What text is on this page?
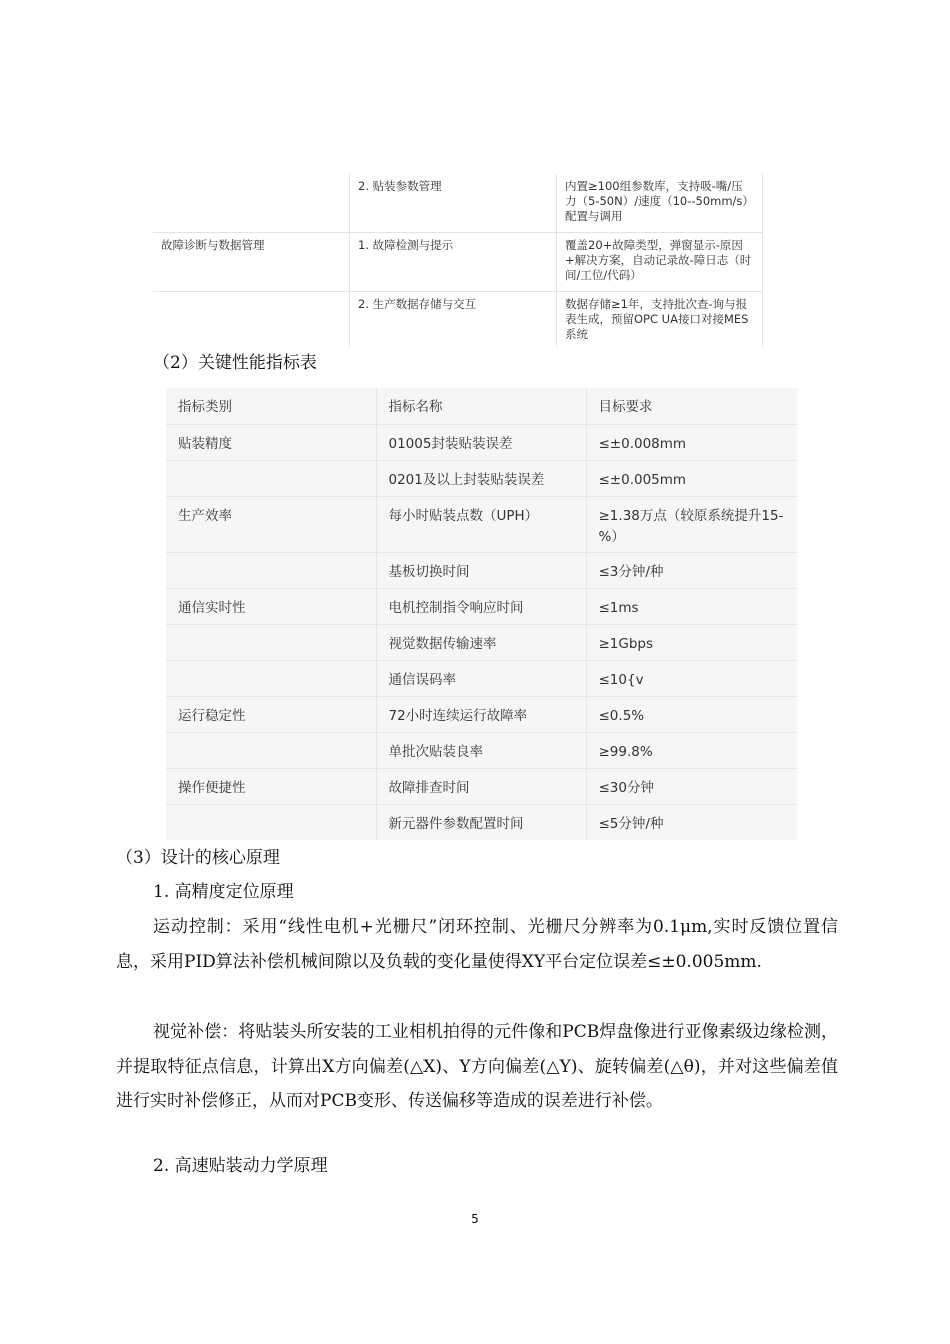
	2. 贴装参数管理	内置≥100组参数库，支持吸-嘴/压力（5-50N）/速度（10--50mm/s）配置与调用
故障诊断与数据管理	1. 故障检测与提示	覆盖20+故障类型，弹窗显示-原因+解决方案，自动记录故-障日志（时间/工位/代码）
	2. 生产数据存储与交互	数据存储≥1年，支持批次查-询与报表生成，预留OPC UA接口对接MES系统
（2）关键性能指标表
指标类别	指标名称	目标要求
贴装精度	01005封装贴装误差	≤±0.008mm
	0201及以上封装贴装误差	≤±0.005mm
生产效率	每小时贴装点数（UPH）	≥1.38万点（较原系统提升15-%）
	基板切换时间	≤3分钟/种
通信实时性	电机控制指令响应时间	≤1ms
	视觉数据传输速率	≥1Gbps
	通信误码率	≤10{v
运行稳定性	72小时连续运行故障率	≤0.5%
	单批次贴装良率	≥99.8%
操作便捷性	故障排查时间	≤30分钟
	新元器件参数配置时间	≤5分钟/种
（3）设计的核心原理
1. 高精度定位原理
运动控制：采用“线性电机+光栅尺”闭环控制、光栅尺分辨率为0.1μm,实时反馈位置信息，采用PID算法补偿机械间隙以及负载的变化量使得XY平台定位误差≤±0.005mm.
视觉补偿：将贴装头所安装的工业相机拍得的元件像和PCB焊盘像进行亚像素级边缘检测，并提取特征点信息，计算出X方向偏差(△X)、Y方向偏差(△Y)、旋转偏差(△θ)，并对这些偏差值进行实时补偿修正，从而对PCB变形、传送偏移等造成的误差进行补偿。
2. 高速贴装动力学原理
5
